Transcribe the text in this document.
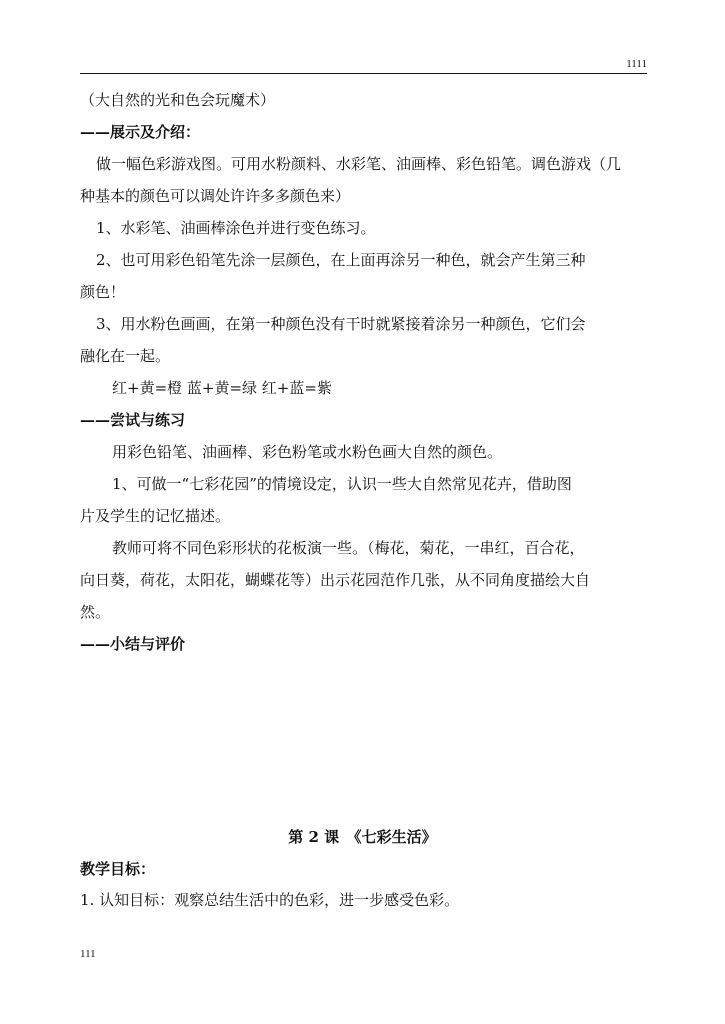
1111
（大自然的光和色会玩魔术）
——展示及介绍：
做一幅色彩游戏图。可用水粉颜料、水彩笔、油画棒、彩色铅笔。调色游戏（几
种基本的颜色可以调处许许多多颜色来）
1、水彩笔、油画棒涂色并进行变色练习。
2、也可用彩色铅笔先涂一层颜色，在上面再涂另一种色，就会产生第三种
颜色！
3、用水粉色画画，在第一种颜色没有干时就紧接着涂另一种颜色，它们会
融化在一起。
红+黄=橙 蓝+黄=绿 红+蓝=紫
——尝试与练习
用彩色铅笔、油画棒、彩色粉笔或水粉色画大自然的颜色。
1、可做一“七彩花园”的情境设定，认识一些大自然常见花卉，借助图
片及学生的记忆描述。
教师可将不同色彩形状的花板演一些。（梅花，菊花，一串红，百合花，
向日葵，荷花，太阳花，蝴蝶花等）出示花园范作几张，从不同角度描绘大自
然。
——小结与评价
第 2 课　《七彩生活》
教学目标：
1. 认知目标：观察总结生活中的色彩，进一步感受色彩。
111
